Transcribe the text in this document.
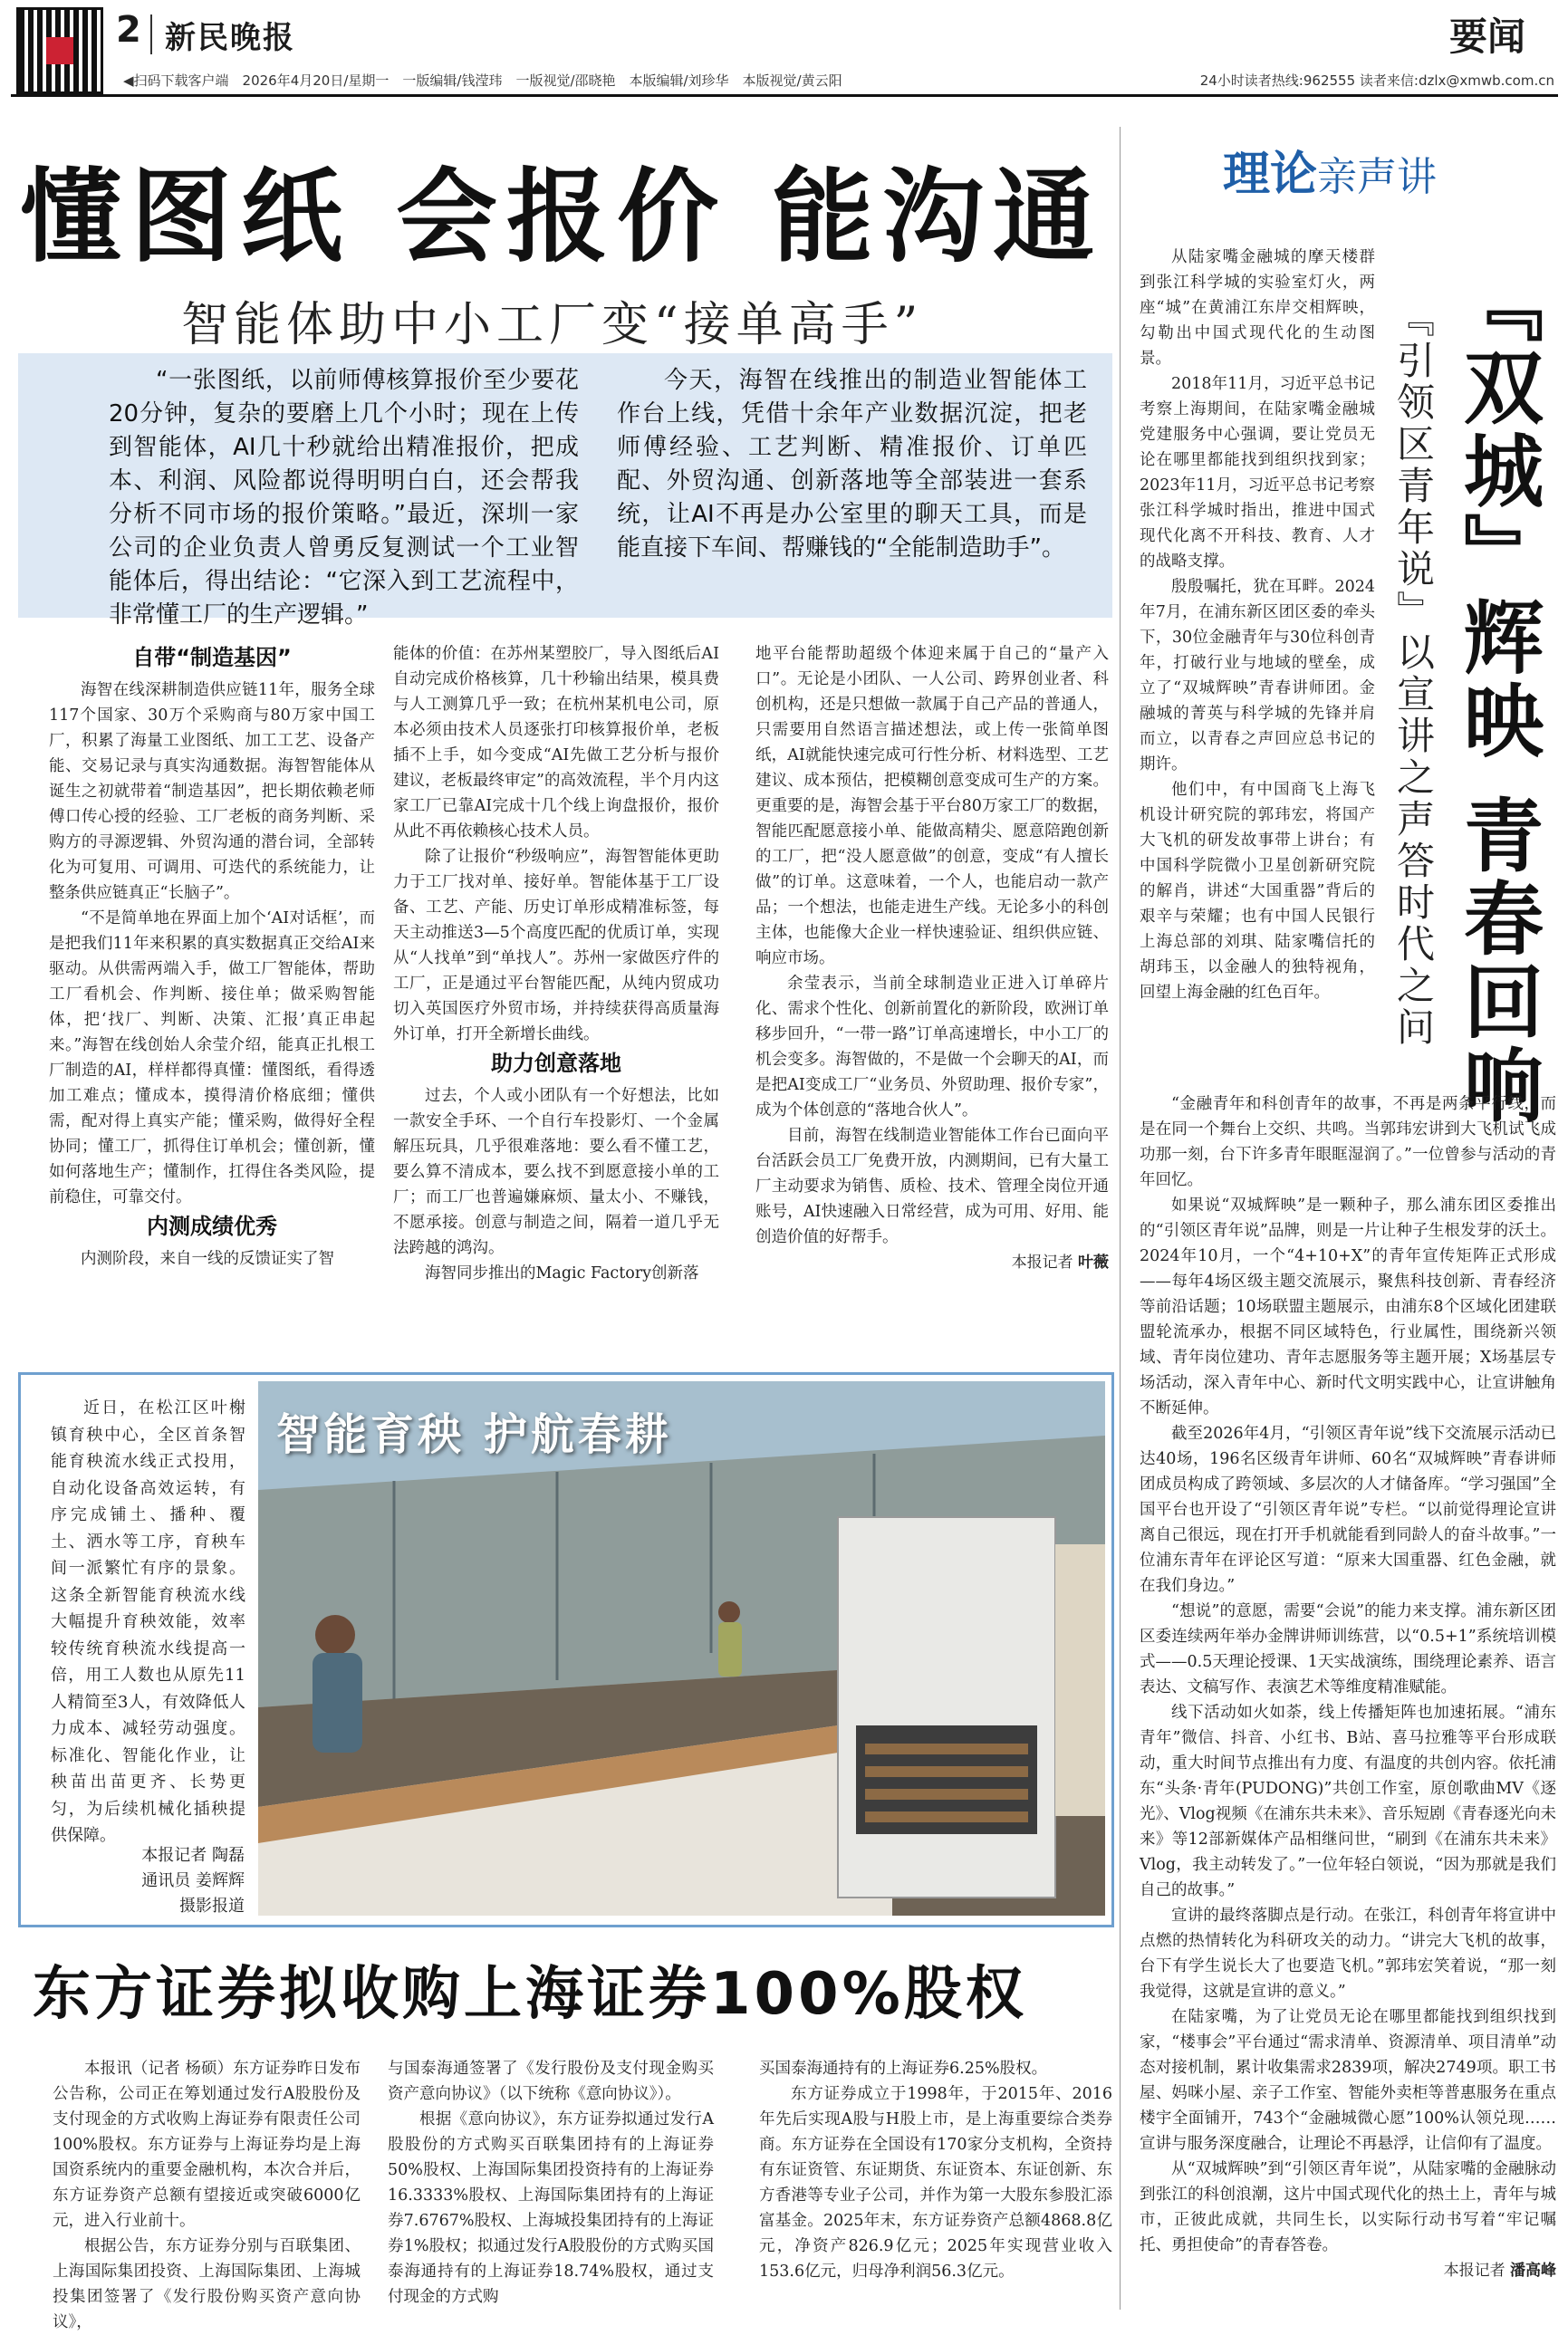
2 新民晚报	要闻
◀扫码下载客户端　2026年4月20日/星期一　一版编辑/钱滢玮　一版视觉/邵晓艳　本版编辑/刘珍华　本版视觉/黄云阳	24小时读者热线:962555 读者来信:dzlx@xmwb.com.cn
懂图纸 会报价 能沟通
智能体助中小工厂变“接单高手”

“一张图纸，以前师傅核算报价至少要花20分钟，复杂的要磨上几个小时；现在上传到智能体，AI几十秒就给出精准报价，把成本、利润、风险都说得明明白白，还会帮我分析不同市场的报价策略。”最近，深圳一家公司的企业负责人曾勇反复测试一个工业智能体后，得出结论：“它深入到工艺流程中，非常懂工厂的生产逻辑。”

今天，海智在线推出的制造业智能体工作台上线，凭借十余年产业数据沉淀，把老师傅经验、工艺判断、精准报价、订单匹配、外贸沟通、创新落地等全部装进一套系统，让AI不再是办公室里的聊天工具，而是能直接下车间、帮赚钱的“全能制造助手”。

自带“制造基因”

海智在线深耕制造供应链11年，服务全球117个国家、30万个采购商与80万家中国工厂，积累了海量工业图纸、加工工艺、设备产能、交易记录与真实沟通数据。海智智能体从诞生之初就带着“制造基因”，把长期依赖老师傅口传心授的经验、工厂老板的商务判断、采购方的寻源逻辑、外贸沟通的潜台词，全部转化为可复用、可调用、可迭代的系统能力，让整条供应链真正“长脑子”。

“不是简单地在界面上加个‘AI对话框’，而是把我们11年来积累的真实数据真正交给AI来驱动。从供需两端入手，做工厂智能体，帮助工厂看机会、作判断、接住单；做采购智能体，把‘找厂、判断、决策、汇报’真正串起来。”海智在线创始人余莹介绍，能真正扎根工厂制造的AI，样样都得真懂：懂图纸，看得透加工难点；懂成本，摸得清价格底细；懂供需，配对得上真实产能；懂采购，做得好全程协同；懂工厂，抓得住订单机会；懂创新，懂如何落地生产；懂制作，扛得住各类风险，提前稳住，可靠交付。

内测成绩优秀

内测阶段，来自一线的反馈证实了智

能体的价值：在苏州某塑胶厂，导入图纸后AI自动完成价格核算，几十秒输出结果，模具费与人工测算几乎一致；在杭州某机电公司，原本必须由技术人员逐张打印核算报价单，老板插不上手，如今变成“AI先做工艺分析与报价建议，老板最终审定”的高效流程，半个月内这家工厂已靠AI完成十几个线上询盘报价，报价从此不再依赖核心技术人员。

除了让报价“秒级响应”，海智智能体更助力于工厂找对单、接好单。智能体基于工厂设备、工艺、产能、历史订单形成精准标签，每天主动推送3—5个高度匹配的优质订单，实现从“人找单”到“单找人”。苏州一家做医疗件的工厂，正是通过平台智能匹配，从纯内贸成功切入英国医疗外贸市场，并持续获得高质量海外订单，打开全新增长曲线。

助力创意落地

过去，个人或小团队有一个好想法，比如一款安全手环、一个自行车投影灯、一个金属解压玩具，几乎很难落地：要么看不懂工艺，要么算不清成本，要么找不到愿意接小单的工厂；而工厂也普遍嫌麻烦、量太小、不赚钱，不愿承接。创意与制造之间，隔着一道几乎无法跨越的鸿沟。

海智同步推出的Magic Factory创新落

地平台能帮助超级个体迎来属于自己的“量产入口”。无论是小团队、一人公司、跨界创业者、科创机构，还是只想做一款属于自己产品的普通人，只需要用自然语言描述想法，或上传一张简单图纸，AI就能快速完成可行性分析、材料选型、工艺建议、成本预估，把模糊创意变成可生产的方案。更重要的是，海智会基于平台80万家工厂的数据，智能匹配愿意接小单、能做高精尖、愿意陪跑创新的工厂，把“没人愿意做”的创意，变成“有人擅长做”的订单。这意味着，一个人，也能启动一款产品；一个想法，也能走进生产线。无论多小的科创主体，也能像大企业一样快速验证、组织供应链、响应市场。

余莹表示，当前全球制造业正进入订单碎片化、需求个性化、创新前置化的新阶段，欧洲订单移步回升，“一带一路”订单高速增长，中小工厂的机会变多。海智做的，不是做一个会聊天的AI，而是把AI变成工厂“业务员、外贸助理、报价专家”，成为个体创意的“落地合伙人”。

目前，海智在线制造业智能体工作台已面向平台活跃会员工厂免费开放，内测期间，已有大量工厂主动要求为销售、质检、技术、管理全岗位开通账号，AI快速融入日常经营，成为可用、好用、能创造价值的好帮手。

本报记者 叶薇

近日，在松江区叶榭镇育秧中心，全区首条智能育秧流水线正式投用，自动化设备高效运转，有序完成铺土、播种、覆土、洒水等工序，育秧车间一派繁忙有序的景象。这条全新智能育秧流水线大幅提升育秧效能，效率较传统育秧流水线提高一倍，用工人数也从原先11人精简至3人，有效降低人力成本、减轻劳动强度。标准化、智能化作业，让秧苗出苗更齐、长势更匀，为后续机械化插秧提供保障。

本报记者 陶磊
通讯员 姜辉辉
摄影报道
智能育秧 护航春耕
东方证券拟收购上海证券100%股权

本报讯（记者 杨硕）东方证券昨日发布公告称，公司正在筹划通过发行A股股份及支付现金的方式收购上海证券有限责任公司100%股权。东方证券与上海证券均是上海国资系统内的重要金融机构，本次合并后，东方证券资产总额有望接近或突破6000亿元，进入行业前十。

根据公告，东方证券分别与百联集团、上海国际集团投资、上海国际集团、上海城投集团签署了《发行股份购买资产意向协议》，

与国泰海通签署了《发行股份及支付现金购买资产意向协议》（以下统称《意向协议》）。

根据《意向协议》，东方证券拟通过发行A股股份的方式购买百联集团持有的上海证券50%股权、上海国际集团投资持有的上海证券16.3333%股权、上海国际集团持有的上海证券7.6767%股权、上海城投集团持有的上海证券1%股权；拟通过发行A股股份的方式购买国泰海通持有的上海证券18.74%股权，通过支付现金的方式购

买国泰海通持有的上海证券6.25%股权。

东方证券成立于1998年，于2015年、2016年先后实现A股与H股上市，是上海重要综合类券商。东方证券在全国设有170家分支机构，全资持有东证资管、东证期货、东证资本、东证创新、东方香港等专业子公司，并作为第一大股东参股汇添富基金。2025年末，东方证券资产总额4868.8亿元，净资产826.9亿元；2025年实现营业收入153.6亿元，归母净利润56.3亿元。

理论亲声讲
『双城』辉映 青春回响
『引领区青年说』以宣讲之声答时代之问

从陆家嘴金融城的摩天楼群到张江科学城的实验室灯火，两座“城”在黄浦江东岸交相辉映，勾勒出中国式现代化的生动图景。

2018年11月，习近平总书记考察上海期间，在陆家嘴金融城党建服务中心强调，要让党员无论在哪里都能找到组织找到家；2023年11月，习近平总书记考察张江科学城时指出，推进中国式现代化离不开科技、教育、人才的战略支撑。

殷殷嘱托，犹在耳畔。2024年7月，在浦东新区团区委的牵头下，30位金融青年与30位科创青年，打破行业与地域的壁垒，成立了“双城辉映”青春讲师团。金融城的菁英与科学城的先锋并肩而立，以青春之声回应总书记的期许。

他们中，有中国商飞上海飞机设计研究院的郭玮宏，将国产大飞机的研发故事带上讲台；有中国科学院微小卫星创新研究院的解肖，讲述“大国重器”背后的艰辛与荣耀；也有中国人民银行上海总部的刘琪、陆家嘴信托的胡玮玉，以金融人的独特视角，回望上海金融的红色百年。

“金融青年和科创青年的故事，不再是两条平行线，而是在同一个舞台上交织、共鸣。当郭玮宏讲到大飞机试飞成功那一刻，台下许多青年眼眶湿润了。”一位曾参与活动的青年回忆。

如果说“双城辉映”是一颗种子，那么浦东团区委推出的“引领区青年说”品牌，则是一片让种子生根发芽的沃土。2024年10月，一个“4+10+X”的青年宣传矩阵正式形成——每年4场区级主题交流展示，聚焦科技创新、青春经济等前沿话题；10场联盟主题展示，由浦东8个区域化团建联盟轮流承办，根据不同区域特色，行业属性，围绕新兴领域、青年岗位建功、青年志愿服务等主题开展；X场基层专场活动，深入青年中心、新时代文明实践中心，让宣讲触角不断延伸。

截至2026年4月，“引领区青年说”线下交流展示活动已达40场，196名区级青年讲师、60名“双城辉映”青春讲师团成员构成了跨领域、多层次的人才储备库。“学习强国”全国平台也开设了“引领区青年说”专栏。“以前觉得理论宣讲离自己很远，现在打开手机就能看到同龄人的奋斗故事。”一位浦东青年在评论区写道：“原来大国重器、红色金融，就在我们身边。”

“想说”的意愿，需要“会说”的能力来支撑。浦东新区团区委连续两年举办金牌讲师训练营，以“0.5+1”系统培训模式——0.5天理论授课、1天实战演练，围绕理论素养、语言表达、文稿写作、表演艺术等维度精准赋能。

线下活动如火如荼，线上传播矩阵也加速拓展。“浦东青年”微信、抖音、小红书、B站、喜马拉雅等平台形成联动，重大时间节点推出有力度、有温度的共创内容。依托浦东“头条·青年(PUDONG)”共创工作室，原创歌曲MV《逐光》、Vlog视频《在浦东共未来》、音乐短剧《青春逐光向未来》等12部新媒体产品相继问世，“刷到《在浦东共未来》Vlog，我主动转发了。”一位年轻白领说，“因为那就是我们自己的故事。”

宣讲的最终落脚点是行动。在张江，科创青年将宣讲中点燃的热情转化为科研攻关的动力。“讲完大飞机的故事，台下有学生说长大了也要造飞机。”郭玮宏笑着说，“那一刻我觉得，这就是宣讲的意义。”

在陆家嘴，为了让党员无论在哪里都能找到组织找到家，“楼事会”平台通过“需求清单、资源清单、项目清单”动态对接机制，累计收集需求2839项，解决2749项。职工书屋、妈咪小屋、亲子工作室、智能外卖柜等普惠服务在重点楼宇全面铺开，743个“金融城微心愿”100%认领兑现……宣讲与服务深度融合，让理论不再悬浮，让信仰有了温度。

从“双城辉映”到“引领区青年说”，从陆家嘴的金融脉动到张江的科创浪潮，这片中国式现代化的热土上，青年与城市，正彼此成就，共同生长，以实际行动书写着“牢记嘱托、勇担使命”的青春答卷。

本报记者 潘高峰
